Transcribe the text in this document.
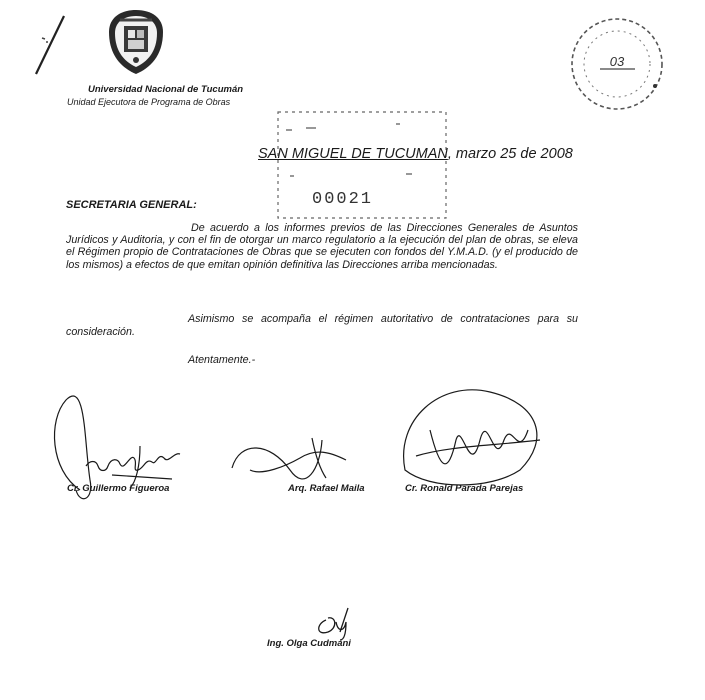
Universidad Nacional de Tucumán
Unidad Ejecutora de Programa de Obras
03
00021
SAN MIGUEL DE TUCUMAN, marzo 25 de 2008
SECRETARIA GENERAL:

De acuerdo a los informes previos de las Direcciones Generales de Asuntos Jurídicos y Auditoria, y con el fin de otorgar un marco regulatorio a la ejecución del plan de obras, se eleva el Régimen propio de Contrataciones de Obras que se ejecuten con fondos del Y.M.A.D. (y el producido de los mismos) a efectos de que emitan opinión definitiva las Direcciones arriba mencionadas.

Asimismo se acompaña el régimen autoritativo de contrataciones para su consideración.

Atentamente.-
Cr. Guillermo Figueroa	Arq. Rafael Maila	Cr. Ronald Parada Parejas
Ing. Olga Cudmani
